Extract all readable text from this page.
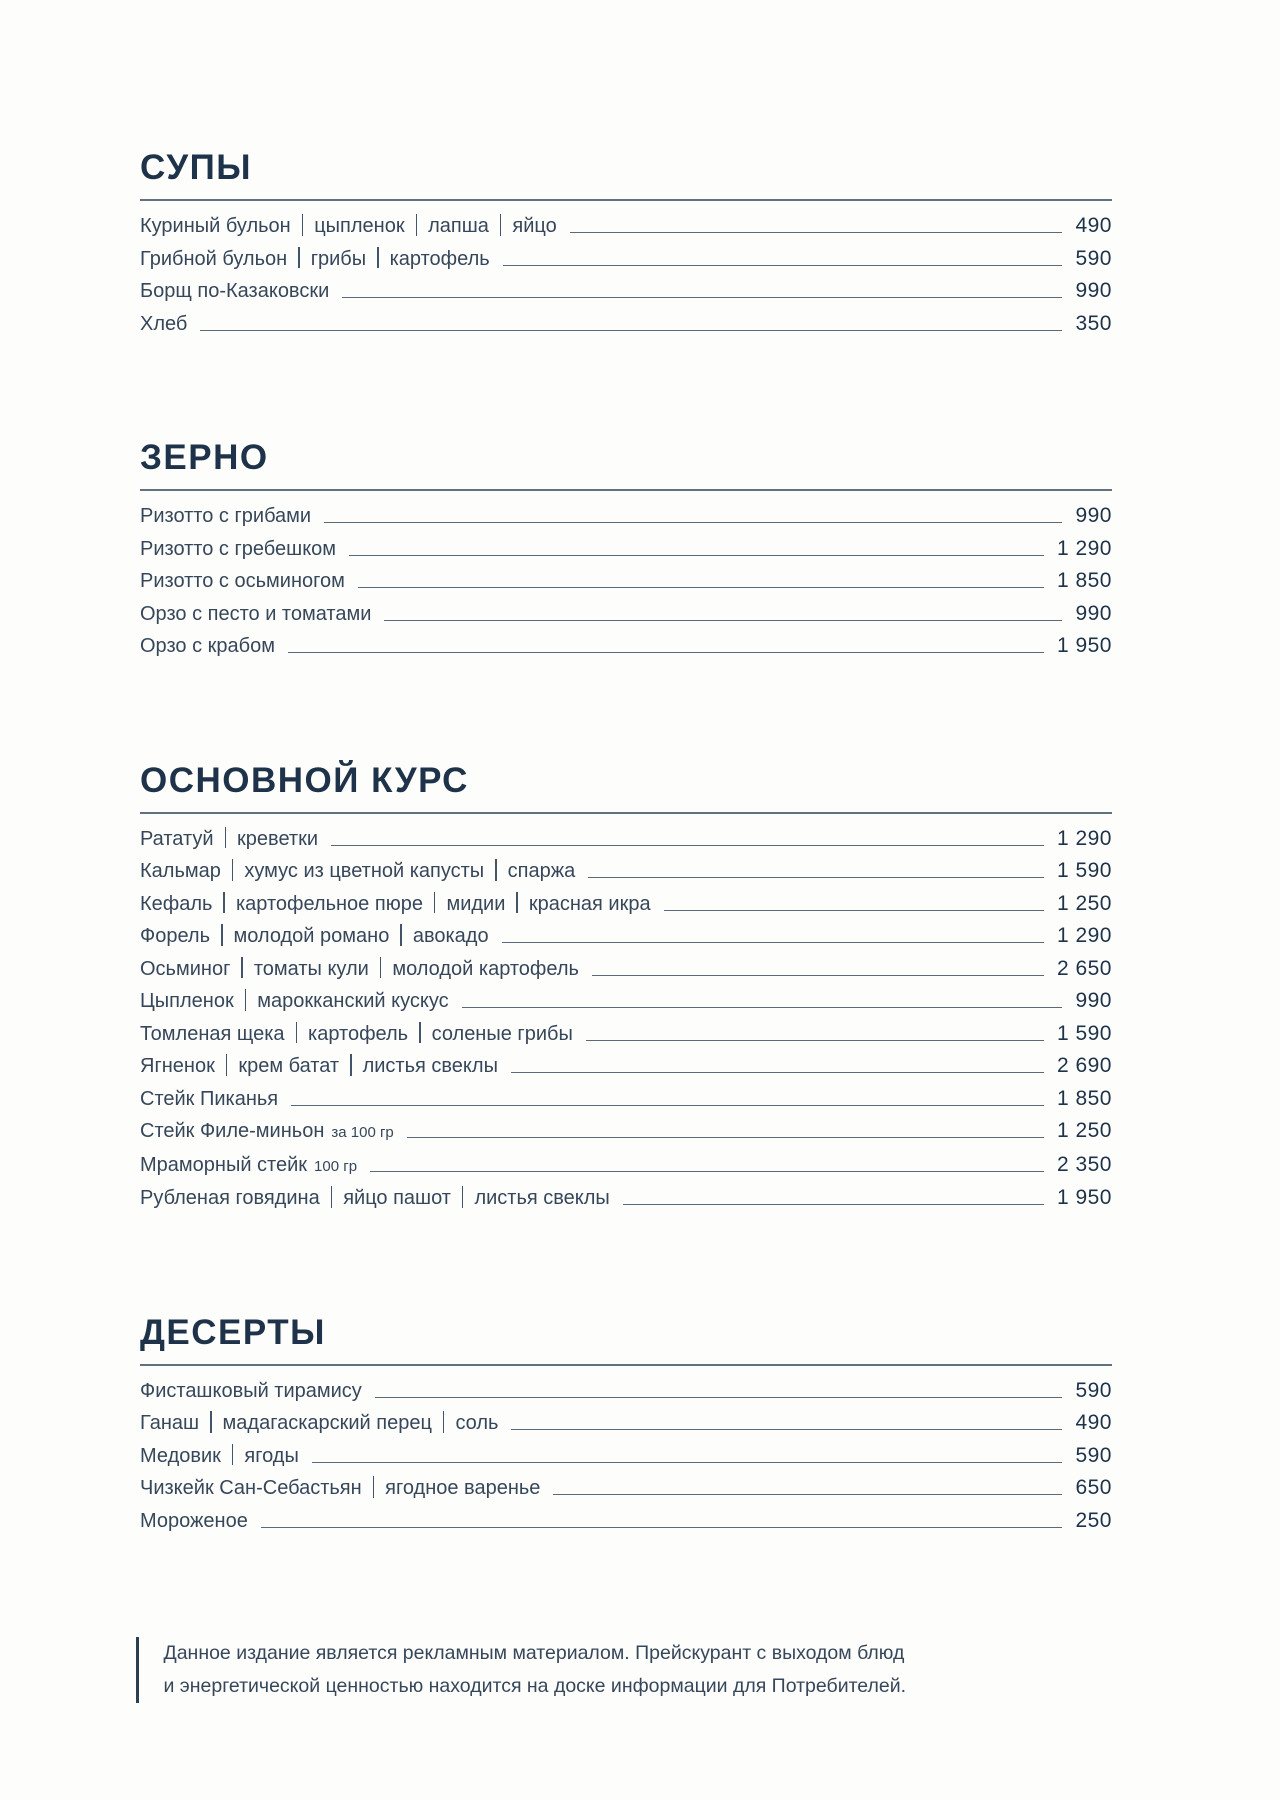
СУПЫ
Куриный бульон цыпленок лапша яйцо	490
Грибной бульон грибы картофель	590
Борщ по-Казаковски	990
Хлеб	350
ЗЕРНО
Ризотто с грибами	990
Ризотто с гребешком	1 290
Ризотто с осьминогом	1 850
Орзо с песто и томатами	990
Орзо с крабом	1 950
ОСНОВНОЙ КУРС
Рататуй креветки	1 290
Кальмар хумус из цветной капусты спаржа	1 590
Кефаль картофельное пюре мидии красная икра	1 250
Форель молодой романо авокадо	1 290
Осьминог томаты кули молодой картофель	2 650
Цыпленок марокканский кускус	990
Томленая щека картофель соленые грибы	1 590
Ягненок крем батат листья свеклы	2 690
Стейк Пиканья	1 850
Стейк Филе-миньон за 100 гр	1 250
Мраморный стейк 100 гр	2 350
Рубленая говядина яйцо пашот листья свеклы	1 950
ДЕСЕРТЫ
Фисташковый тирамису	590
Ганаш мадагаскарский перец соль	490
Медовик ягоды	590
Чизкейк Сан-Себастьян ягодное варенье	650
Мороженое	250
Данное издание является рекламным материалом. Прейскурант с выходом блюд
и энергетической ценностью находится на доске информации для Потребителей.
